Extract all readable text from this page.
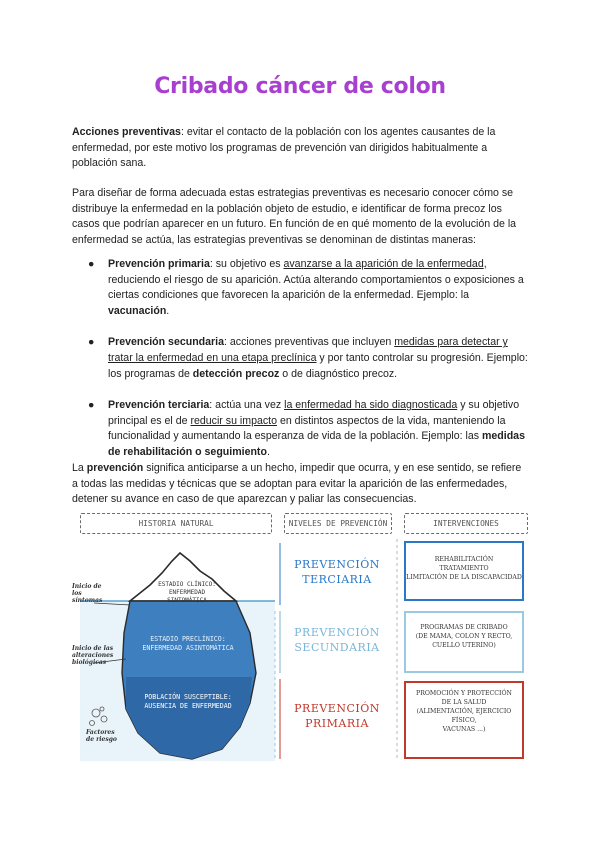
Cribado cáncer de colon
Acciones preventivas: evitar el contacto de la población con los agentes causantes de la enfermedad, por este motivo los programas de prevención van dirigidos habitualmente a población sana.
Para diseñar de forma adecuada estas estrategias preventivas es necesario conocer cómo se distribuye la enfermedad en la población objeto de estudio, e identificar de forma precoz los casos que podrían aparecer en un futuro. En función de en qué momento de la evolución de la enfermedad se actúa, las estrategias preventivas se denominan de distintas maneras:
● Prevención primaria: su objetivo es avanzarse a la aparición de la enfermedad, reduciendo el riesgo de su aparición. Actúa alterando comportamientos o exposiciones a ciertas condiciones que favorecen la aparición de la enfermedad. Ejemplo: la vacunación.
● Prevención secundaria: acciones preventivas que incluyen medidas para detectar y tratar la enfermedad en una etapa preclínica y por tanto controlar su progresión. Ejemplo: los programas de detección precoz o de diagnóstico precoz.
● Prevención terciaria: actúa una vez la enfermedad ha sido diagnosticada y su objetivo principal es el de reducir su impacto en distintos aspectos de la vida, manteniendo la funcionalidad y aumentando la esperanza de vida de la población. Ejemplo: las medidas de rehabilitación o seguimiento.
La prevención significa anticiparse a un hecho, impedir que ocurra, y en ese sentido, se refiere a todas las medidas y técnicas que se adoptan para evitar la aparición de las enfermedades, detener su avance en caso de que aparezcan y paliar las consecuencias.
HISTORIA NATURAL	NIVELES DE PREVENCIÓN	INTERVENCIONES
ESTADIO CLÍNICO:
ENFERMEDAD SINTOMÁTICA
ESTADIO PRECLÍNICO:
ENFERMEDAD ASINTOMÁTICA
POBLACIÓN SUSCEPTIBLE:
AUSENCIA DE ENFERMEDAD
Inicio de los síntomas
Inicio de las alteraciones biológicas
Factores de riesgo
PREVENCIÓN
TERCIARIA
PREVENCIÓN
SECUNDARIA
PREVENCIÓN
PRIMARIA
REHABILITACIÓN
TRATAMIENTO
LIMITACIÓN DE LA DISCAPACIDAD
PROGRAMAS DE CRIBADO
(DE MAMA, COLON Y RECTO,
CUELLO UTERINO)
PROMOCIÓN Y PROTECCIÓN
DE LA SALUD
(ALIMENTACIÓN, EJERCICIO FÍSICO,
VACUNAS ...)
